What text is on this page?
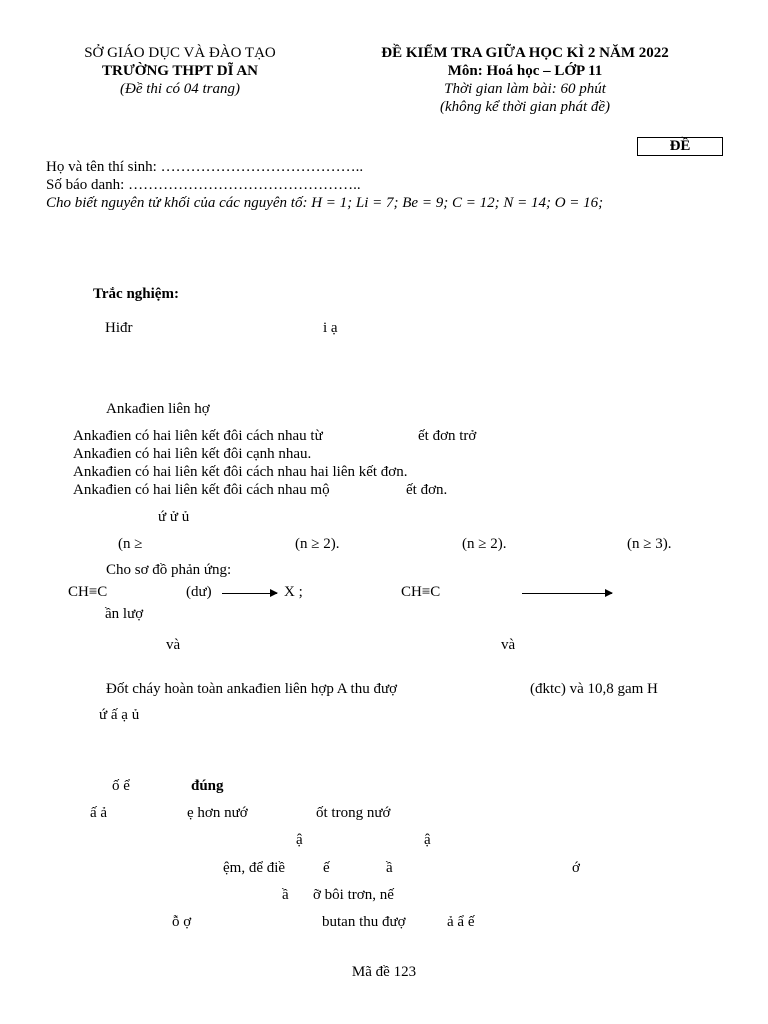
SỞ GIÁO DỤC VÀ ĐÀO TẠO
TRƯỜNG THPT DĨ AN
(Đề thi có 04 trang)
ĐỀ KIỂM TRA GIỮA HỌC KÌ 2 NĂM 2022
Môn: Hoá học – LỚP 11
Thời gian làm bài: 60 phút
(không kể thời gian phát đề)
ĐỀ
Họ và tên thí sinh: …………………………………..
Số báo danh: ………………………………………..
Cho biết nguyên tử khối của các nguyên tố: H = 1; Li = 7; Be = 9; C = 12; N = 14; O = 16;
Trắc nghiệm:
Hiđr	i ạ
Ankađien liên hợ
Ankađien có hai liên kết đôi cách nhau từ	ết đơn trở
Ankađien có hai liên kết đôi cạnh nhau.
Ankađien có hai liên kết đôi cách nhau hai liên kết đơn.
Ankađien có hai liên kết đôi cách nhau mộ	ết đơn.
ứ ử ủ
(n ≥	(n ≥ 2).	(n ≥ 2).	(n ≥ 3).
Cho sơ đồ phản ứng:
CH≡C	(dư) → X ;	CH≡C
ần lượ
và	và
Đốt cháy hoàn toàn ankađien liên hợp A thu đượ	(đktc) và 10,8 gam H
ứ ấ ạ ủ
ố ể	đúng
ấ ả	ẹ hơn nướ	ốt trong nướ
ậ	ậ
ệm, để điề	ế	ầ	ớ
ầ ỡ bôi trơn, nế
ỗ ợ	butan thu đượ	ả ẩ ế
Mã đề 123
